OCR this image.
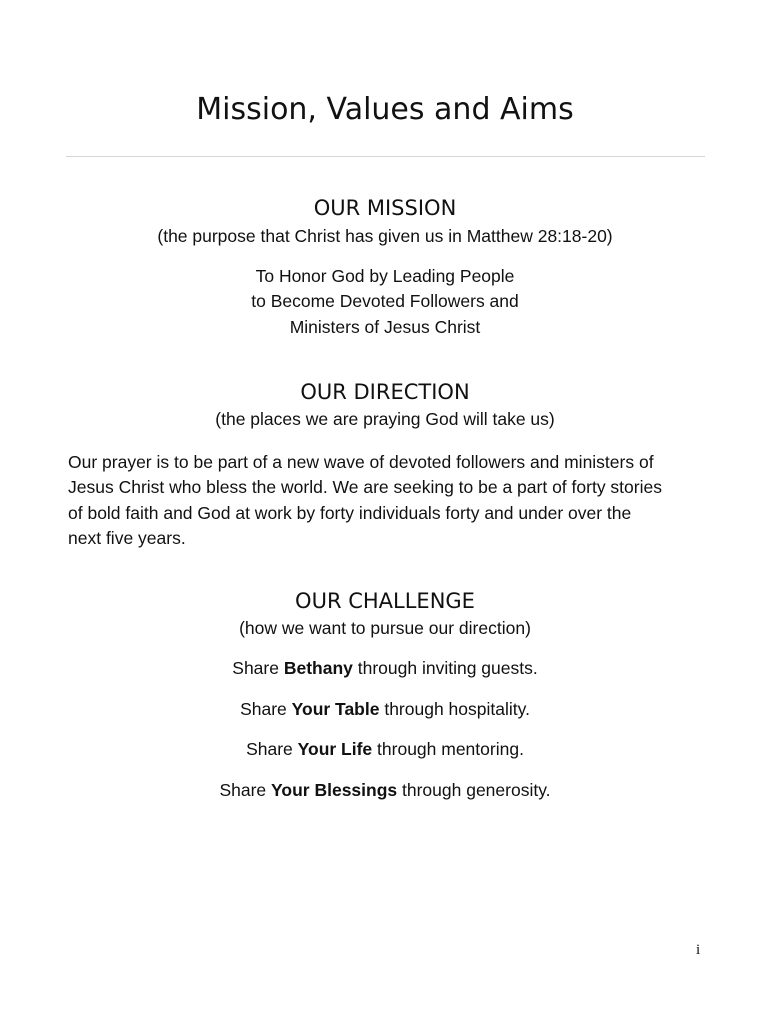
Mission, Values and Aims
OUR MISSION

(the purpose that Christ has given us in Matthew 28:18-20)

To Honor God by Leading People

to Become Devoted Followers and

Ministers of Jesus Christ

OUR DIRECTION

(the places we are praying God will take us)

Our prayer is to be part of a new wave of devoted followers and ministers of
Jesus Christ who bless the world. We are seeking to be a part of forty stories
of bold faith and God at work by forty individuals forty and under over the
next five years.
OUR CHALLENGE

(how we want to pursue our direction)

Share Bethany through inviting guests.

Share Your Table through hospitality.

Share Your Life through mentoring.

Share Your Blessings through generosity.

i
